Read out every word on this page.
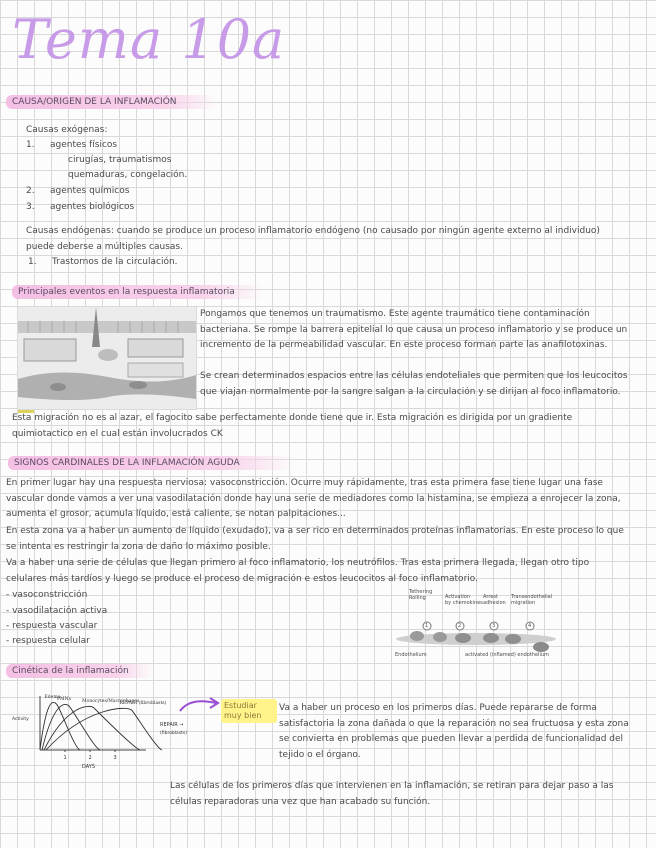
Tema 10a
CAUSA/ORIGEN DE LA INFLAMACIÓN
Causas exógenas:
1. agentes físicos
cirugías, traumatismos
quemaduras, congelación.
2. agentes químicos
3. agentes biológicos
Causas endógenas: cuando se produce un proceso inflamatorio endógeno (no causado por ningún agente externo al individuo) puede deberse a múltiples causas.
1. Trastornos de la circulación.
Principales eventos en la respuesta inflamatoria
Pongamos que tenemos un traumatismo. Este agente traumático tiene contaminación bacteriana. Se rompe la barrera epitelial lo que causa un proceso inflamatorio y se produce un incremento de la permeabilidad vascular. En este proceso forman parte las anafilotoxinas.
Se crean determinados espacios entre las células endoteliales que permiten que los leucocitos que viajan normalmente por la sangre salgan a la circulación y se dirijan al foco inflamatorio.
Esta migración no es al azar, el fagocito sabe perfectamente donde tiene que ir. Esta migración es dirigida por un gradiente quimiotactico en el cual están involucrados CK
SIGNOS CARDINALES DE LA INFLAMACIÓN AGUDA
En primer lugar hay una respuesta nerviosa: vasoconstricción. Ocurre muy rápidamente, tras esta primera fase tiene lugar una fase vascular donde vamos a ver una vasodilatación donde hay una serie de mediadores como la histamina, se empieza a enrojecer la zona, aumenta el grosor, acumula líquido, está caliente, se notan palpitaciones...
En esta zona va a haber un aumento de líquido (exudado), va a ser rico en determinados proteínas inflamatorias. En este proceso lo que se intenta es restringir la zona de daño lo máximo posible.
Va a haber una serie de células que llegan primero al foco inflamatorio, los neutrófilos. Tras esta primera llegada, llegan otro tipo celulares más tardíos y luego se produce el proceso de migración e estos leucocitos al foco inflamatorio.
- vasoconstricción
- vasodilatación activa
- respuesta vascular
- respuesta celular
Tethering
Rolling	Activation
by chemokines
Arrest
adhesion
Transendothelial
migration
1	2	3	4
Endothelium	activated (inflamed) endothelium
Cinética de la inflamación
Edema
PMNs Monocytes/Macrophages
REPAIR (fibroblasts)
1	2	3
DAYS
Activity
REPAIR →
(fibroblasts)
Estudiar muy bien
Va a haber un proceso en los primeros días. Puede repararse de forma satisfactoria la zona dañada o que la reparación no sea fructuosa y esta zona se convierta en problemas que pueden llevar a perdida de funcionalidad del tejido o el órgano.
Las células de los primeros días que intervienen en la inflamación, se retiran para dejar paso a las células reparadoras una vez que han acabado su función.
